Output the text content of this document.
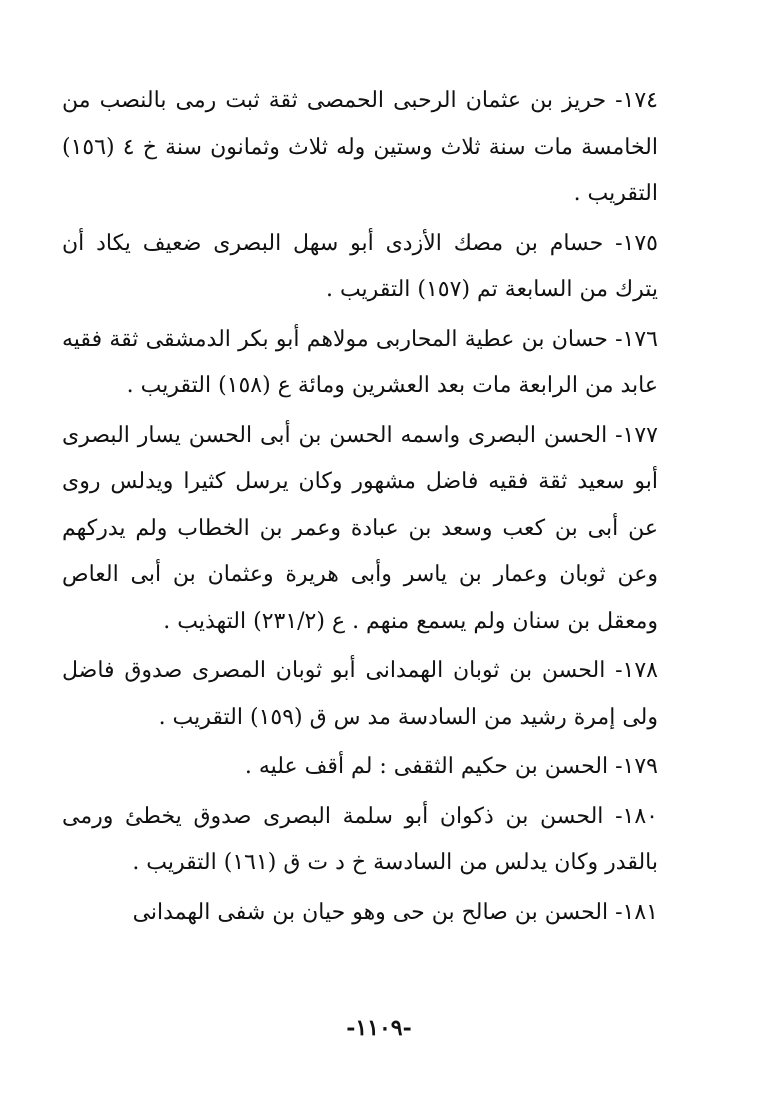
١٧٤- حريز بن عثمان الرحبى الحمصى ثقة ثبت رمى بالنصب من الخامسة مات سنة ثلاث وستين وله ثلاث وثمانون سنة خ ٤ (١٥٦) التقريب .

١٧٥- حسام بن مصك الأزدى أبو سهل البصرى ضعيف يكاد أن يترك من السابعة تم (١٥٧) التقريب .

١٧٦- حسان بن عطية المحاربى مولاهم أبو بكر الدمشقى ثقة فقيه عابد من الرابعة مات بعد العشرين ومائة ع (١٥٨) التقريب .

١٧٧- الحسن البصرى واسمه الحسن بن أبى الحسن يسار البصرى أبو سعيد ثقة فقيه فاضل مشهور وكان يرسل كثيرا ويدلس روى عن أبى بن كعب وسعد بن عبادة وعمر بن الخطاب ولم يدركهم وعن ثوبان وعمار بن ياسر وأبى هريرة وعثمان بن أبى العاص ومعقل بن سنان ولم يسمع منهم . ع (٢٣١/٢) التهذيب .

١٧٨- الحسن بن ثوبان الهمدانى أبو ثوبان المصرى صدوق فاضل ولى إمرة رشيد من السادسة مد س ق (١٥٩) التقريب .

١٧٩- الحسن بن حكيم الثقفى : لم أقف عليه .

١٨٠- الحسن بن ذكوان أبو سلمة البصرى صدوق يخطئ ورمى بالقدر وكان يدلس من السادسة خ د ت ق (١٦١) التقريب .

١٨١- الحسن بن صالح بن حى وهو حيان بن شفى الهمدانى

-١١٠٩-
